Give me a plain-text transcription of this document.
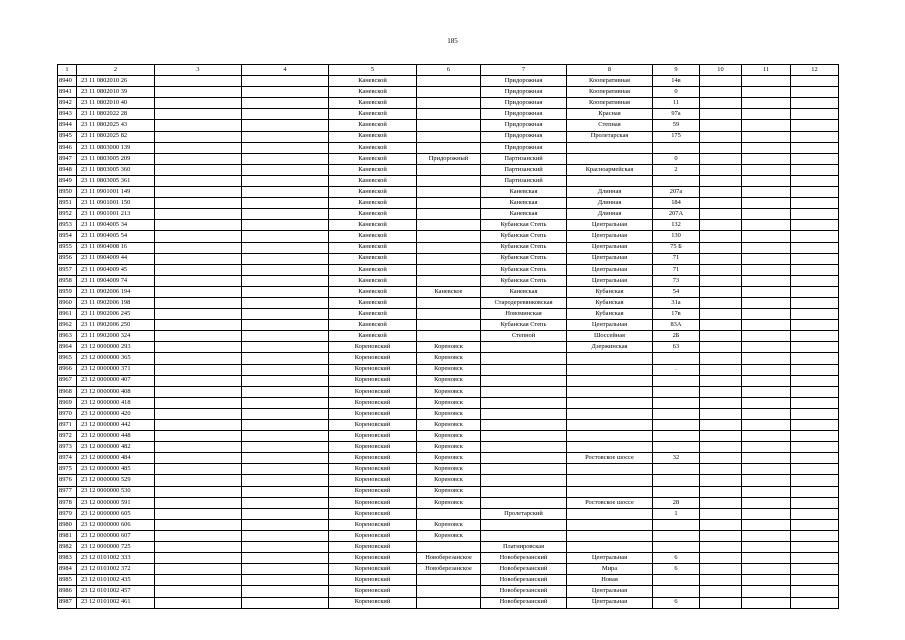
185
1	2	3	4	5	6	7	8	9	10	11	12
8940	23 11 0802010 26			Каневской		Придорожная	Кооперативная	14в			
8941	23 11 0802010 39			Каневской		Придорожная	Кооперативная	0			
8942	23 11 0802010 40			Каневской		Придорожная	Кооперативная	11			
8943	23 11 0802022 28			Каневской		Придорожная	Красная	97а			
8944	23 11 0802025 43			Каневской		Придорожная	Степная	59			
8945	23 11 0802025 82			Каневской		Придорожная	Пролетарская	175			
8946	23 11 0803000 139			Каневской		Придорожная					
8947	23 11 0803005 209			Каневской	Придорожный	Партизанский		0			
8948	23 11 0803005 360			Каневской		Партизанский	Красноармейская	2			
8949	23 11 0803005 361			Каневской		Партизанский					
8950	23 11 0901001 149			Каневской		Каневская	Длинная	207а			
8951	23 11 0901001 150			Каневской		Каневская	Длинная	184			
8952	23 11 0901001 213			Каневской		Каневская	Длинная	207А			
8953	23 11 0904005 34			Каневской		Кубанская Степь	Центральная	132			
8954	23 11 0904005 54			Каневской		Кубанская Степь	Центральная	130			
8955	23 11 0904008 16			Каневской		Кубанская Степь	Центральная	75 Б			
8956	23 11 0904009 44			Каневской		Кубанская Степь	Центральная	71			
8957	23 11 0904009 45			Каневской		Кубанская Степь	Центральная	71			
8958	23 11 0904009 74			Каневской		Кубанская Степь	Центральная	73			
8959	23 11 0902006 194			Каневской	Каневское	Каневская	Кубанская	54			
8960	23 11 0902006 198			Каневской		Стародеревянковская	Кубанская	31а			
8961	23 11 0902006 245			Каневской		Новоминская	Кубанская	17в			
8962	23 11 0902006 250			Каневской		Кубанская Степь	Центральная	83А			
8963	23 11 0902000 324			Каневской		Степной	Шоссейная	2Б			
8964	23 12 0000000 293			Кореновский	Кореновск		Дзержинская	63			
8965	23 12 0000000 365			Кореновский	Кореновск						
8966	23 12 0000000 371			Кореновский	Кореновск			.			
8967	23 12 0000000 407			Кореновский	Кореновск						
8968	23 12 0000000 408			Кореновский	Кореновск						
8969	23 12 0000000 418			Кореновский	Кореновск						
8970	23 12 0000000 420			Кореновский	Кореновск						
8971	23 12 0000000 442			Кореновский	Кореновск						
8972	23 12 0000000 448			Кореновский	Кореновск						
8973	23 12 0000000 482			Кореновский	Кореновск						
8974	23 12 0000000 484			Кореновский	Кореновск		Ростовское шоссе	32			
8975	23 12 0000000 485			Кореновский	Кореновск						
8976	23 12 0000000 529			Кореновский	Кореновск						
8977	23 12 0000000 530			Кореновский	Кореновск						
8978	23 12 0000000 591			Кореновский	Кореновск		Ростовское шоссе	28			
8979	23 12 0000000 605			Кореновский		Пролетарский		1			
8980	23 12 0000000 606			Кореновский	Кореновск						
8981	23 12 0000000 607			Кореновский	Кореновск						
8982	23 12 0000000 725			Кореновский		Платнировская					
8983	23 12 0101002 333			Кореновский	Новоберезанское	Новоберезанский	Центральная	6			
8984	23 12 0101002 372			Кореновский	Новоберезанское	Новоберезанский	Мира	6			
8985	23 12 0101002 435			Кореновский		Новоберезанский	Новая				
8986	23 12 0101002 457			Кореновский		Новоберезанский	Центральная				
8987	23 12 0101002 461			Кореновский		Новоберезанский	Центральная	6			
